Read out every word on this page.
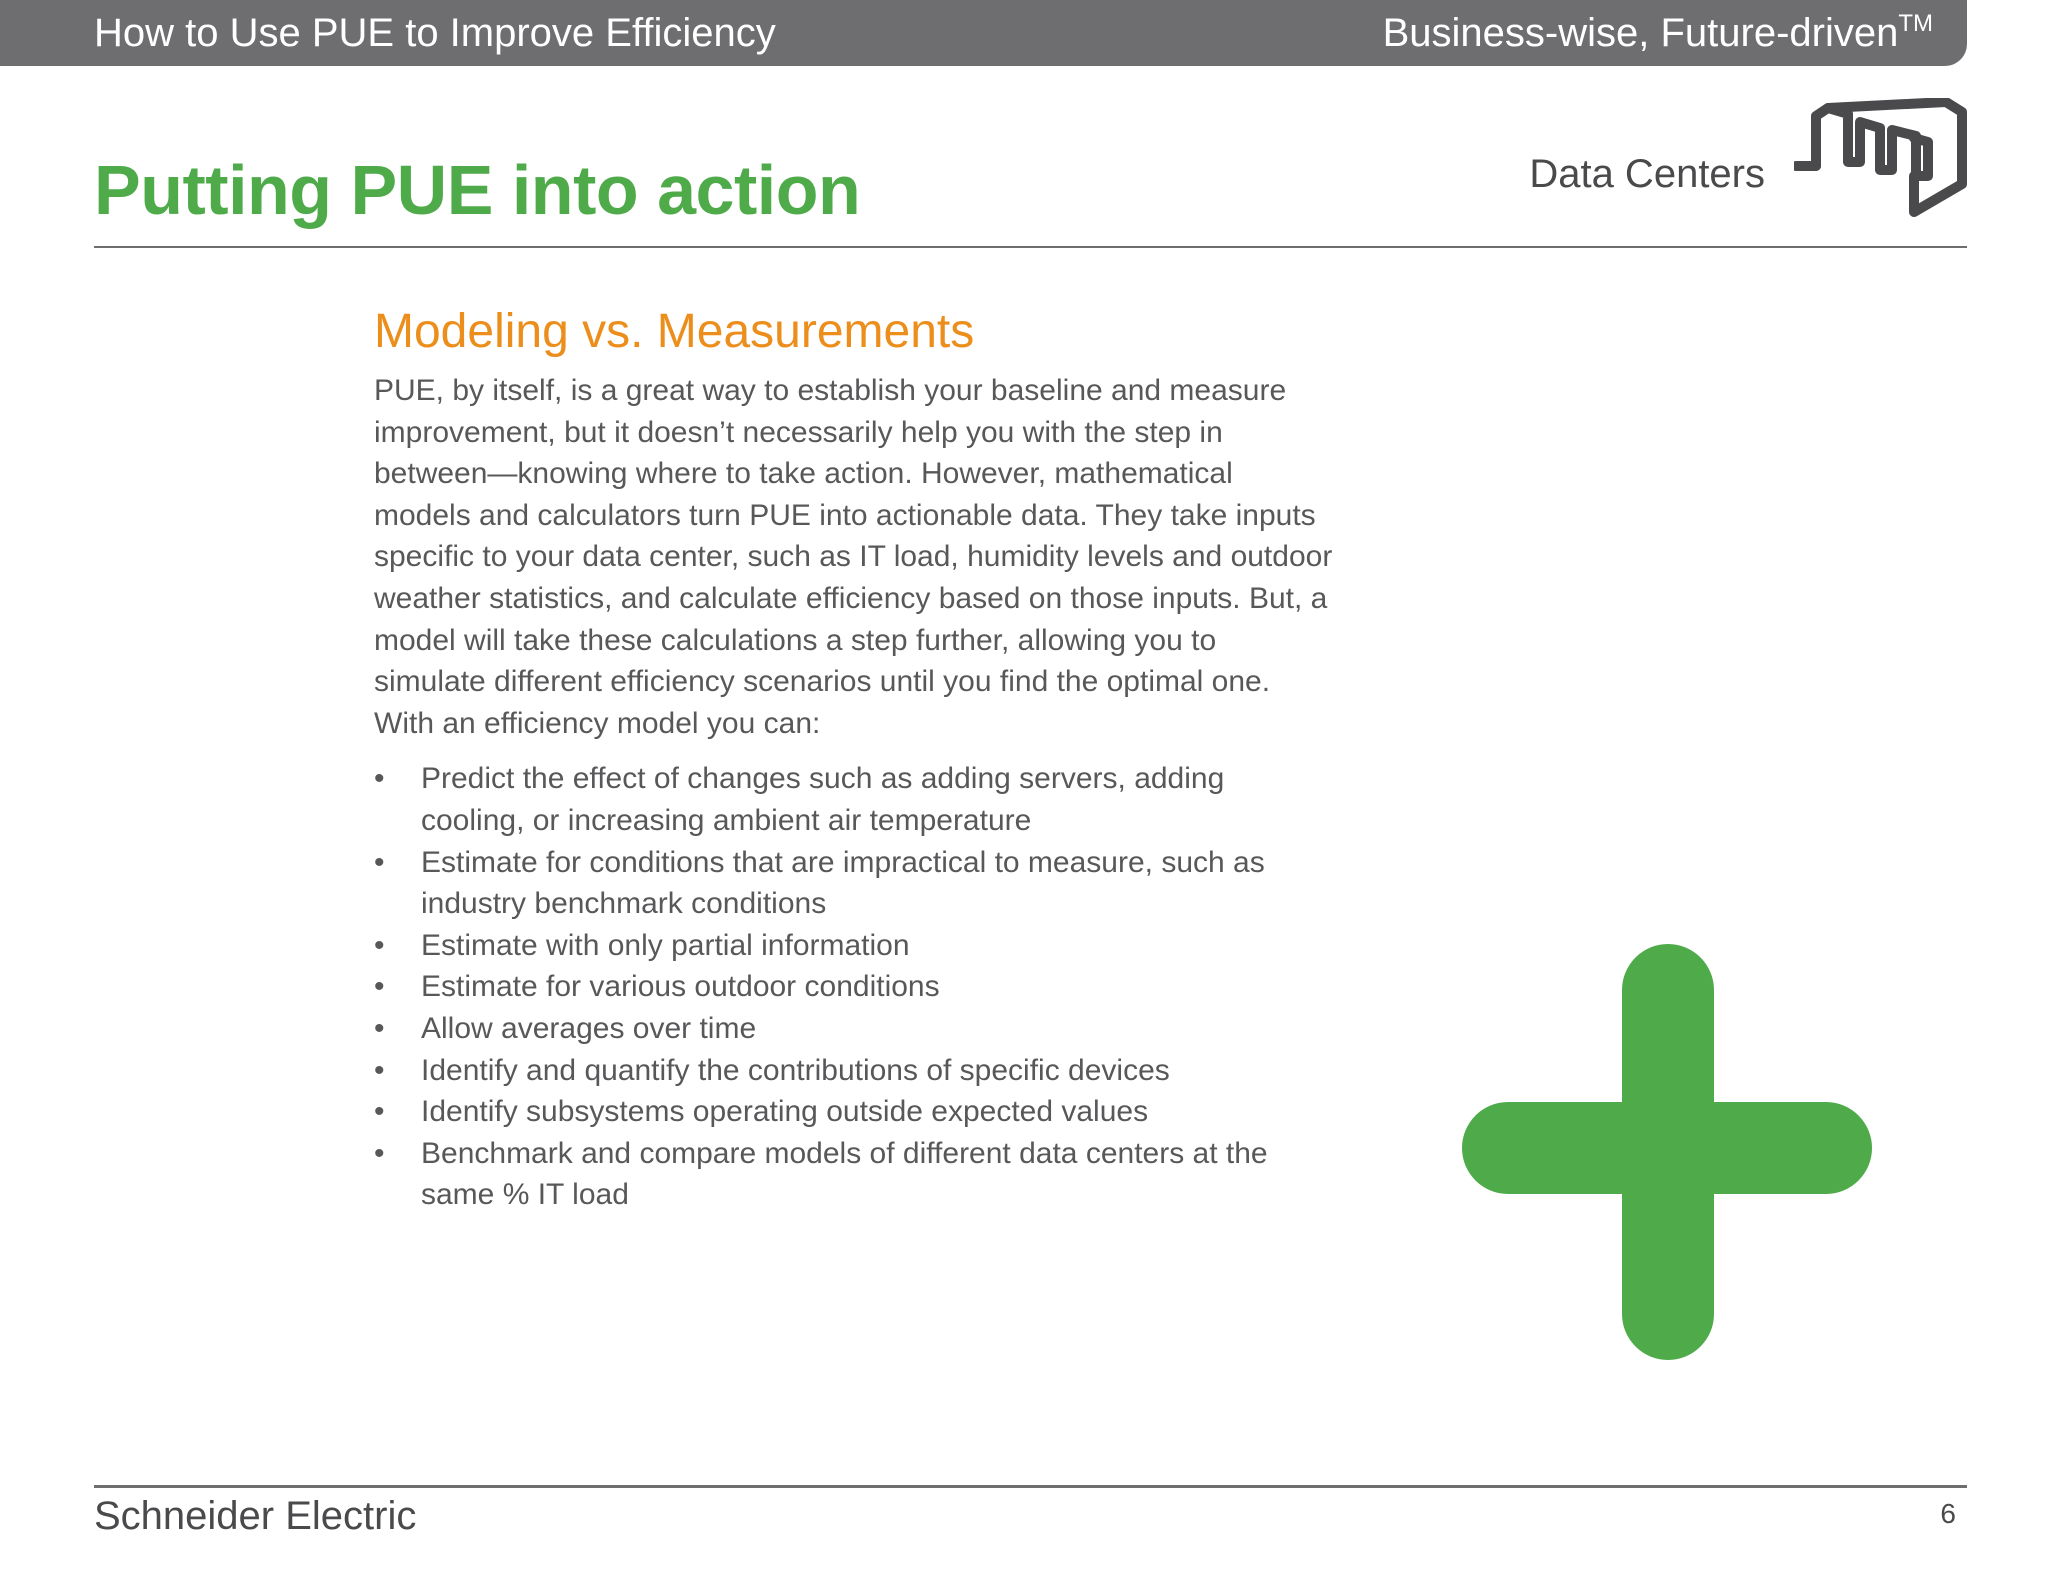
How to Use PUE to Improve Efficiency	Business-wise, Future-driven™
Putting PUE into action	Data Centers
Modeling vs. Measurements
PUE, by itself, is a great way to establish your baseline and measure improvement, but it doesn’t necessarily help you with the step in between—knowing where to take action. However, mathematical models and calculators turn PUE into actionable data. They take inputs specific to your data center, such as IT load, humidity levels and outdoor weather statistics, and calculate efficiency based on those inputs. But, a model will take these calculations a step further, allowing you to simulate different efficiency scenarios until you find the optimal one. With an efficiency model you can:
• Predict the effect of changes such as adding servers, adding cooling, or increasing ambient air temperature
• Estimate for conditions that are impractical to measure, such as industry benchmark conditions
• Estimate with only partial information
• Estimate for various outdoor conditions
• Allow averages over time
• Identify and quantify the contributions of specific devices
• Identify subsystems operating outside expected values
• Benchmark and compare models of different data centers at the same % IT load
Schneider Electric	6
